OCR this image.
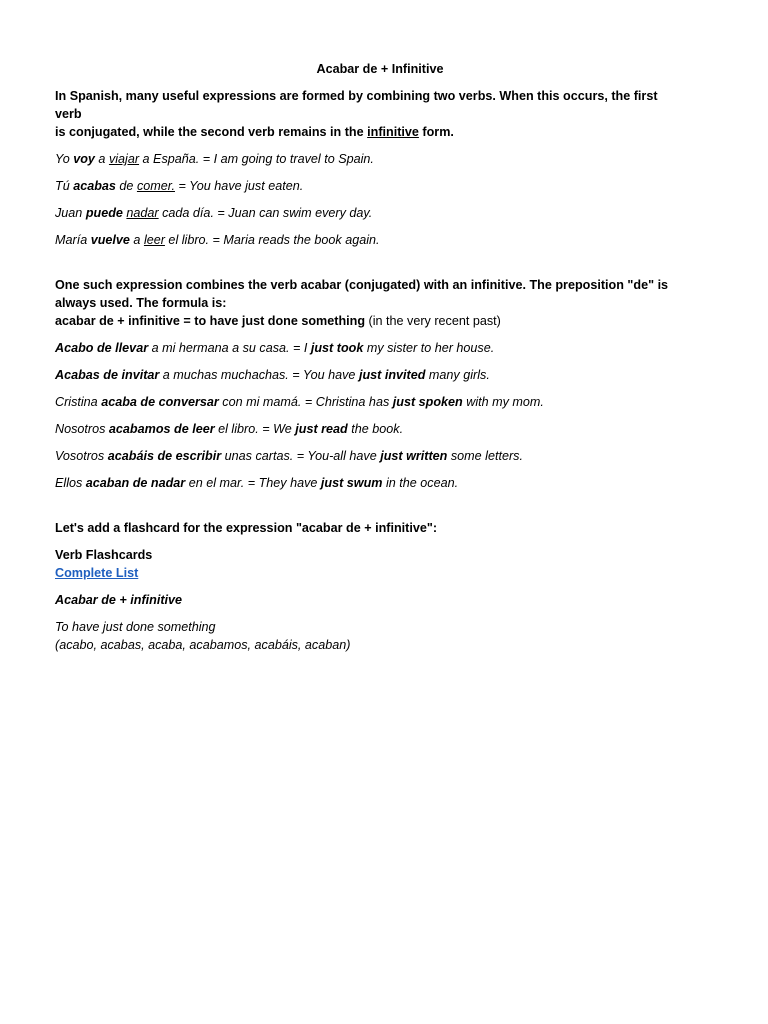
Acabar de + Infinitive
In Spanish, many useful expressions are formed by combining two verbs. When this occurs, the first verb
is conjugated, while the second verb remains in the infinitive form.
Yo voy a viajar a España. = I am going to travel to Spain.
Tú acabas de comer. = You have just eaten.
Juan puede nadar cada día. = Juan can swim every day.
María vuelve a leer el libro. = Maria reads the book again.
One such expression combines the verb acabar (conjugated) with an infinitive. The preposition "de" is
always used. The formula is:
acabar de + infinitive = to have just done something (in the very recent past)
Acabo de llevar a mi hermana a su casa. = I just took my sister to her house.
Acabas de invitar a muchas muchachas. = You have just invited many girls.
Cristina acaba de conversar con mi mamá. = Christina has just spoken with my mom.
Nosotros acabamos de leer el libro. = We just read the book.
Vosotros acabáis de escribir unas cartas. = You-all have just written some letters.
Ellos acaban de nadar en el mar. = They have just swum in the ocean.
Let's add a flashcard for the expression "acabar de + infinitive":
Verb Flashcards
Complete List
Acabar de + infinitive
To have just done something
(acabo, acabas, acaba, acabamos, acabáis, acaban)
